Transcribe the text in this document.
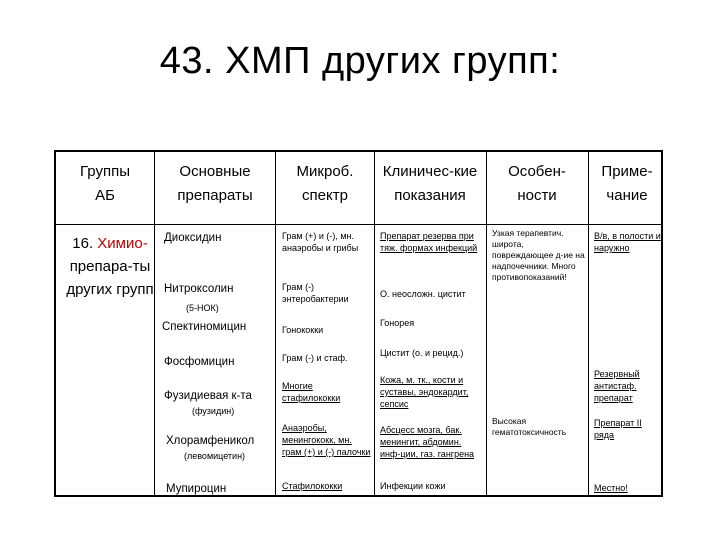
43. ХМП других групп:
Группы АБ
Основные препараты
Микроб. спектр
Клиничес-кие показания
Особен-ности
Приме-чание
16. Химио-
препара-ты других групп
Диоксидин
Нитроксолин
(5-НОК)
Спектиномицин
Фосфомицин
Фузидиевая к-та
(фузидин)
Хлорамфеникол
(левомицетин)
Мупироцин
Грам (+) и (-), мн. анаэробы и грибы
Грам (-) энтеробактерии
Гонококки
Грам (-) и стаф.
Многие стафилококки
Анаэробы, менингококк, мн. грам (+) и (-) палочки
Стафилококки
Препарат резерва при тяж. формах инфекций
О. неосложн. цистит
Гонорея
Цистит (о. и рецид.)
Кожа, м. тк., кости и суставы, эндокардит, сепсис
Абсцесс мозга, бак. менингит, абдомин. инф-ции, газ. гангрена
Инфекции кожи
Узкая терапевтич. широта, повреждающее д-ие на надпочечники. Много противопоказаний!
Высокая гематотоксичность
В/в, в полости и наружно
Резервный антистаф. препарат
Препарат II ряда
Местно!
